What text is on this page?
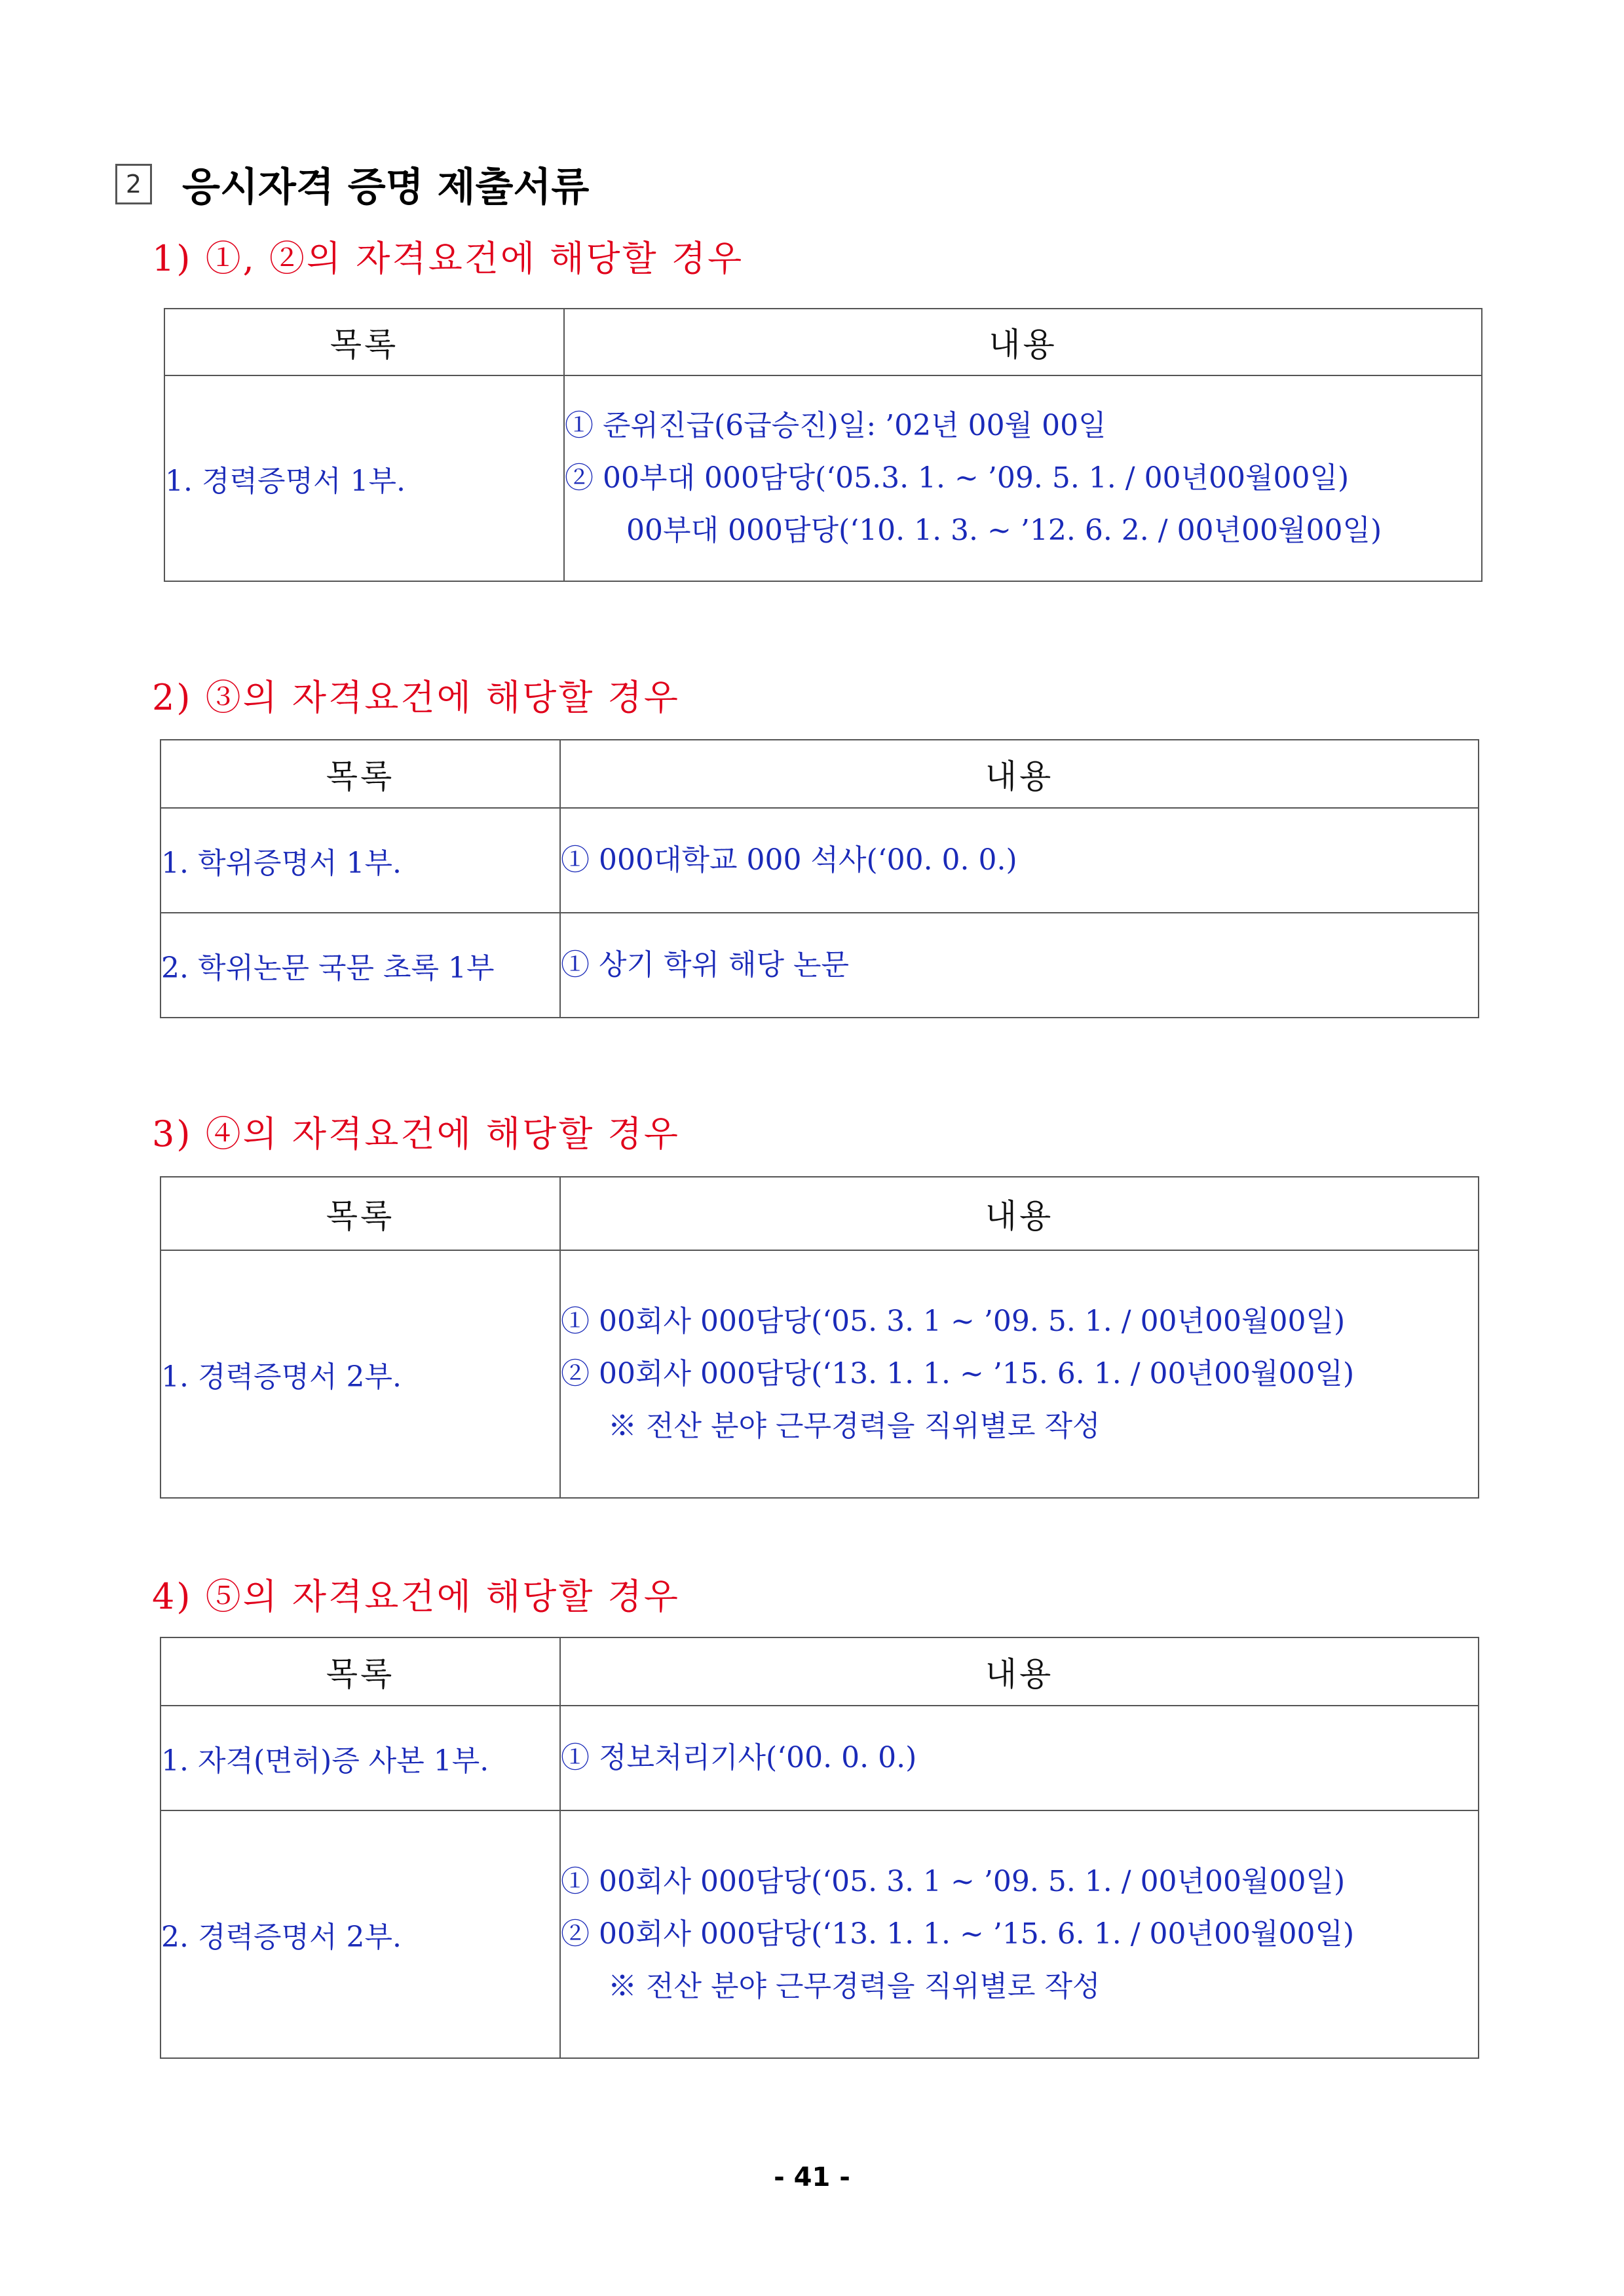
2 응시자격 증명 제출서류
1) ①, ②의 자격요건에 해당할 경우
목록	내용
1. 경력증명서 1부.	① 준위진급(6급승진)일: ’02년 00월 00일
② 00부대 000담당(‘05.3. 1. ~ ’09. 5. 1. / 00년00월00일)
00부대 000담당(‘10. 1. 3. ~ ’12. 6. 2. / 00년00월00일)
2) ③의 자격요건에 해당할 경우
목록	내용
1. 학위증명서 1부.	① 000대학교 000 석사(‘00. 0. 0.)

2. 학위논문 국문 초록 1부	① 상기 학위 해당 논문
3) ④의 자격요건에 해당할 경우
목록	내용
1. 경력증명서 2부.	① 00회사 000담당(‘05. 3. 1 ~ ’09. 5. 1. / 00년00월00일)
② 00회사 000담당(‘13. 1. 1. ~ ’15. 6. 1. / 00년00월00일)
※ 전산 분야 근무경력을 직위별로 작성
4) ⑤의 자격요건에 해당할 경우
목록	내용
1. 자격(면허)증 사본 1부.	① 정보처리기사(‘00. 0. 0.)

2. 경력증명서 2부.	① 00회사 000담당(‘05. 3. 1 ~ ’09. 5. 1. / 00년00월00일)
② 00회사 000담당(‘13. 1. 1. ~ ’15. 6. 1. / 00년00월00일)
※ 전산 분야 근무경력을 직위별로 작성
- 41 -
